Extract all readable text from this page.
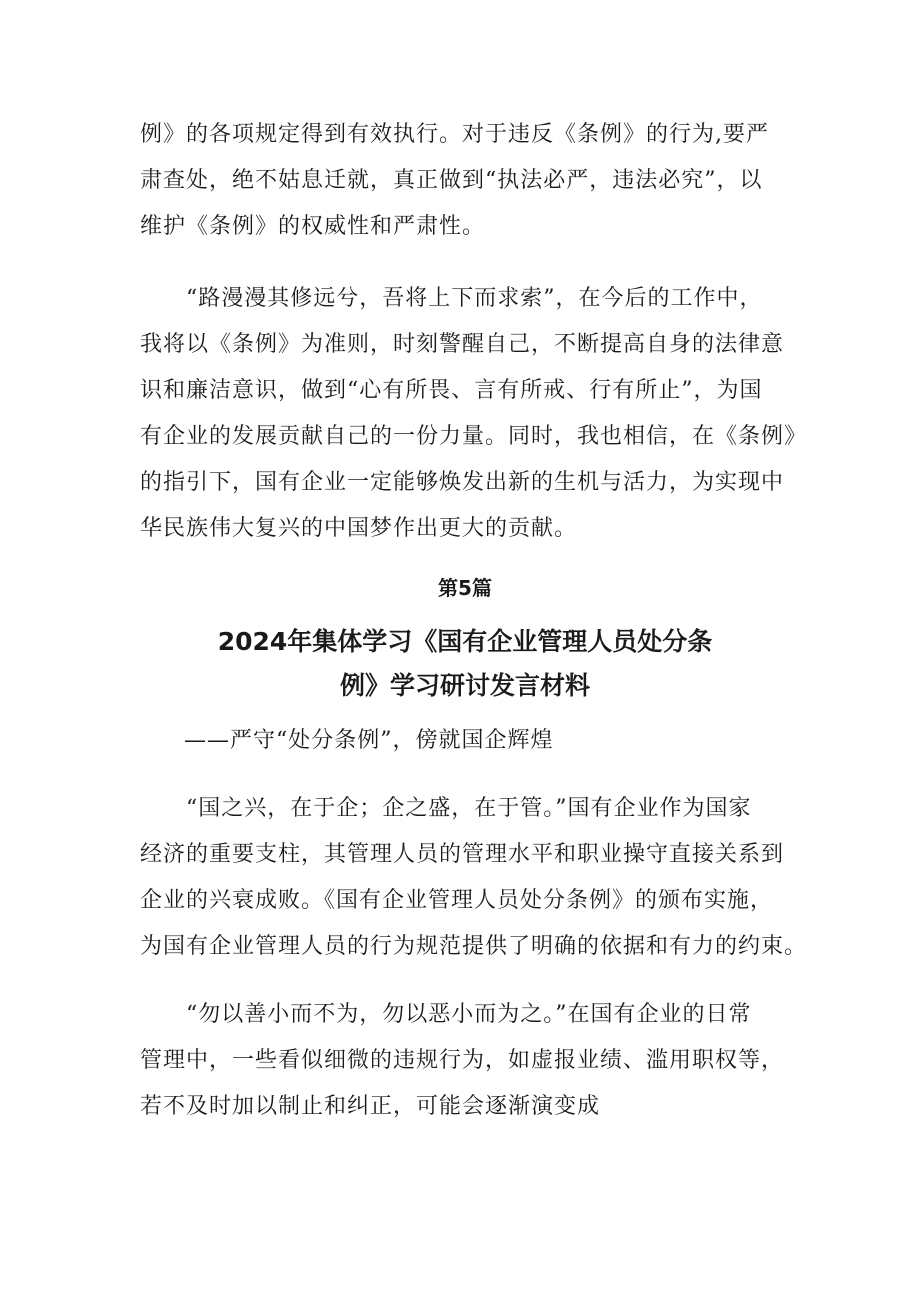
例》的各项规定得到有效执行。对于违反《条例》的行为,要严
肃查处，绝不姑息迁就，真正做到“执法必严，违法必究”，以
维护《条例》的权威性和严肃性。

　　“路漫漫其修远兮，吾将上下而求索”，在今后的工作中，
我将以《条例》为准则，时刻警醒自己，不断提高自身的法律意
识和廉洁意识，做到“心有所畏、言有所戒、行有所止”，为国
有企业的发展贡献自己的一份力量。同时，我也相信，在《条例》
的指引下，国有企业一定能够焕发出新的生机与活力，为实现中
华民族伟大复兴的中国梦作出更大的贡献。

第5篇
2024年集体学习《国有企业管理人员处分条
例》学习研讨发言材料
——严守“处分条例”，傍就国企辉煌

　　“国之兴，在于企；企之盛，在于管。”国有企业作为国家
经济的重要支柱，其管理人员的管理水平和职业操守直接关系到
企业的兴衰成败。《国有企业管理人员处分条例》的颁布实施，
为国有企业管理人员的行为规范提供了明确的依据和有力的约束。

　　“勿以善小而不为，勿以恶小而为之。”在国有企业的日常
管理中，一些看似细微的违规行为，如虚报业绩、滥用职权等，
若不及时加以制止和纠正，可能会逐渐演变成
